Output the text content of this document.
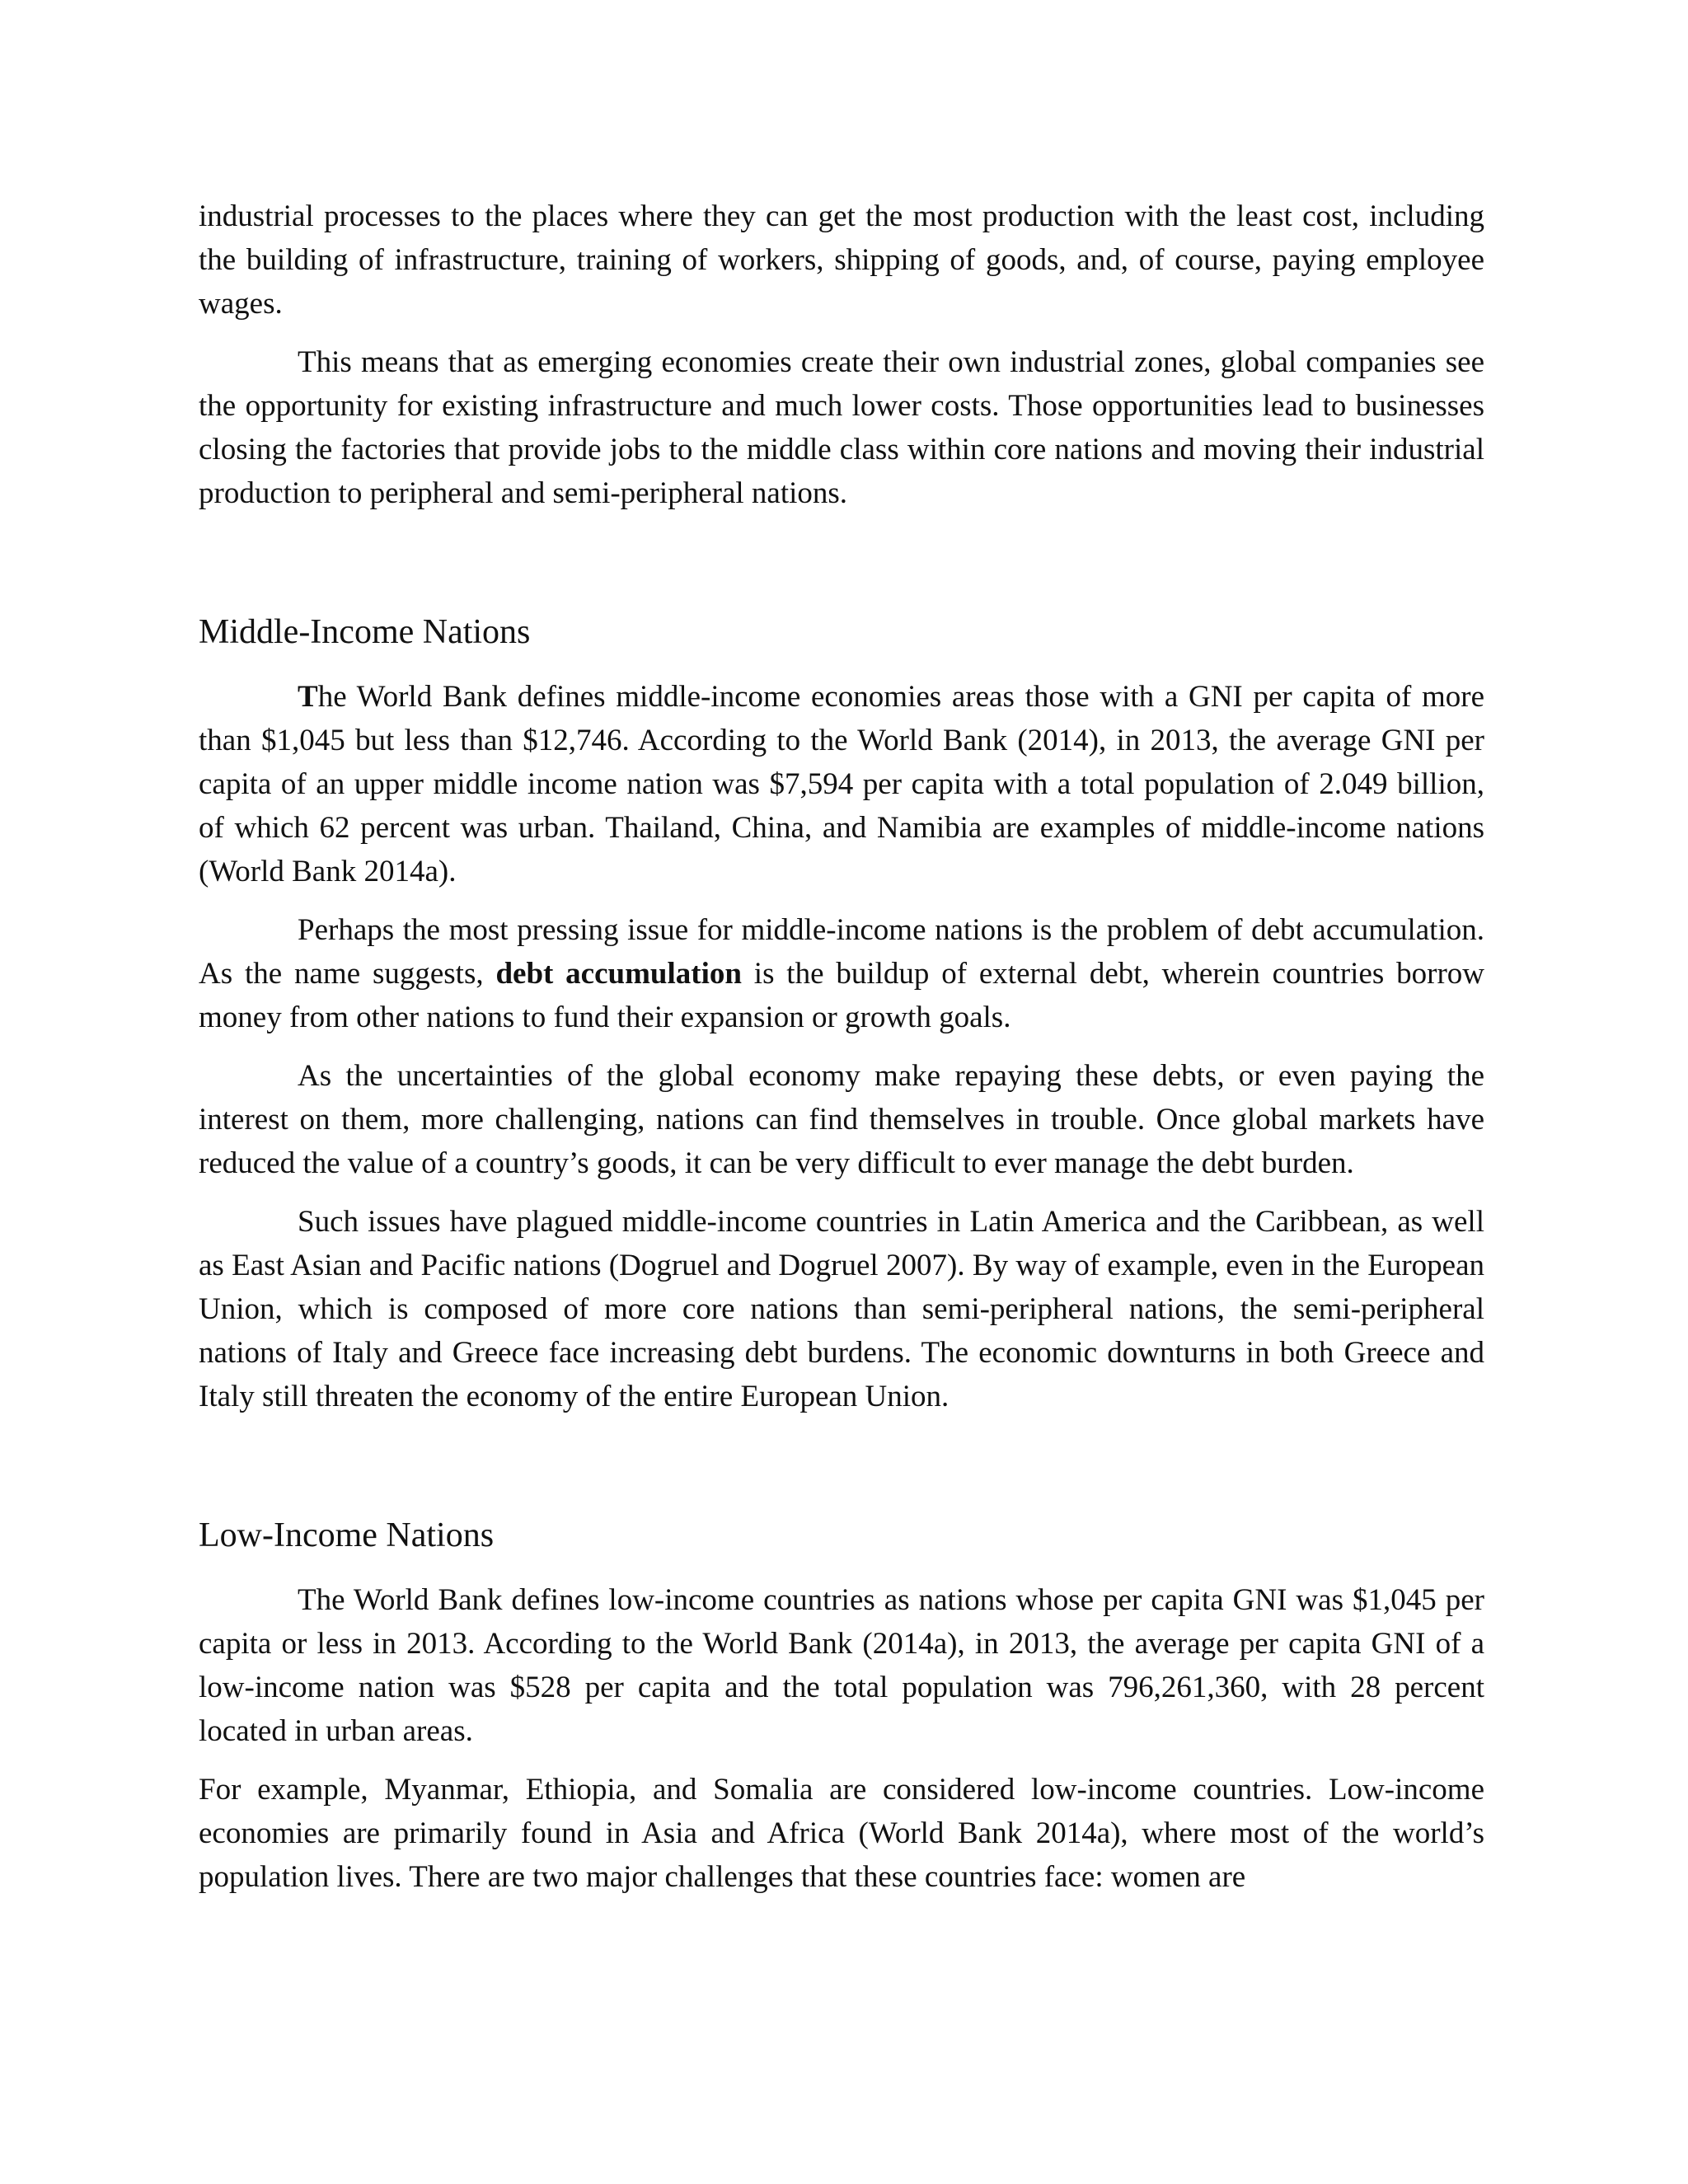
industrial processes to the places where they can get the most production with the least cost, including the building of infrastructure, training of workers, shipping of goods, and, of course, paying employee wages.

This means that as emerging economies create their own industrial zones, global companies see the opportunity for existing infrastructure and much lower costs. Those opportunities lead to businesses closing the factories that provide jobs to the middle class within core nations and moving their industrial production to peripheral and semi-peripheral nations.

Middle-Income Nations

The World Bank defines middle-income economies areas those with a GNI per capita of more than $1,045 but less than $12,746. According to the World Bank (2014), in 2013, the average GNI per capita of an upper middle income nation was $7,594 per capita with a total population of 2.049 billion, of which 62 percent was urban. Thailand, China, and Namibia are examples of middle-income nations (World Bank 2014a).

Perhaps the most pressing issue for middle-income nations is the problem of debt accumulation. As the name suggests, debt accumulation is the buildup of external debt, wherein countries borrow money from other nations to fund their expansion or growth goals.

As the uncertainties of the global economy make repaying these debts, or even paying the interest on them, more challenging, nations can find themselves in trouble. Once global markets have reduced the value of a country’s goods, it can be very difficult to ever manage the debt burden.

Such issues have plagued middle-income countries in Latin America and the Caribbean, as well as East Asian and Pacific nations (Dogruel and Dogruel 2007). By way of example, even in the European Union, which is composed of more core nations than semi-peripheral nations, the semi-peripheral nations of Italy and Greece face increasing debt burdens. The economic downturns in both Greece and Italy still threaten the economy of the entire European Union.

Low-Income Nations

The World Bank defines low-income countries as nations whose per capita GNI was $1,045 per capita or less in 2013. According to the World Bank (2014a), in 2013, the average per capita GNI of a low-income nation was $528 per capita and the total population was 796,261,360, with 28 percent located in urban areas.

For example, Myanmar, Ethiopia, and Somalia are considered low-income countries. Low-income economies are primarily found in Asia and Africa (World Bank 2014a), where most of the world’s population lives. There are two major challenges that these countries face: women are
